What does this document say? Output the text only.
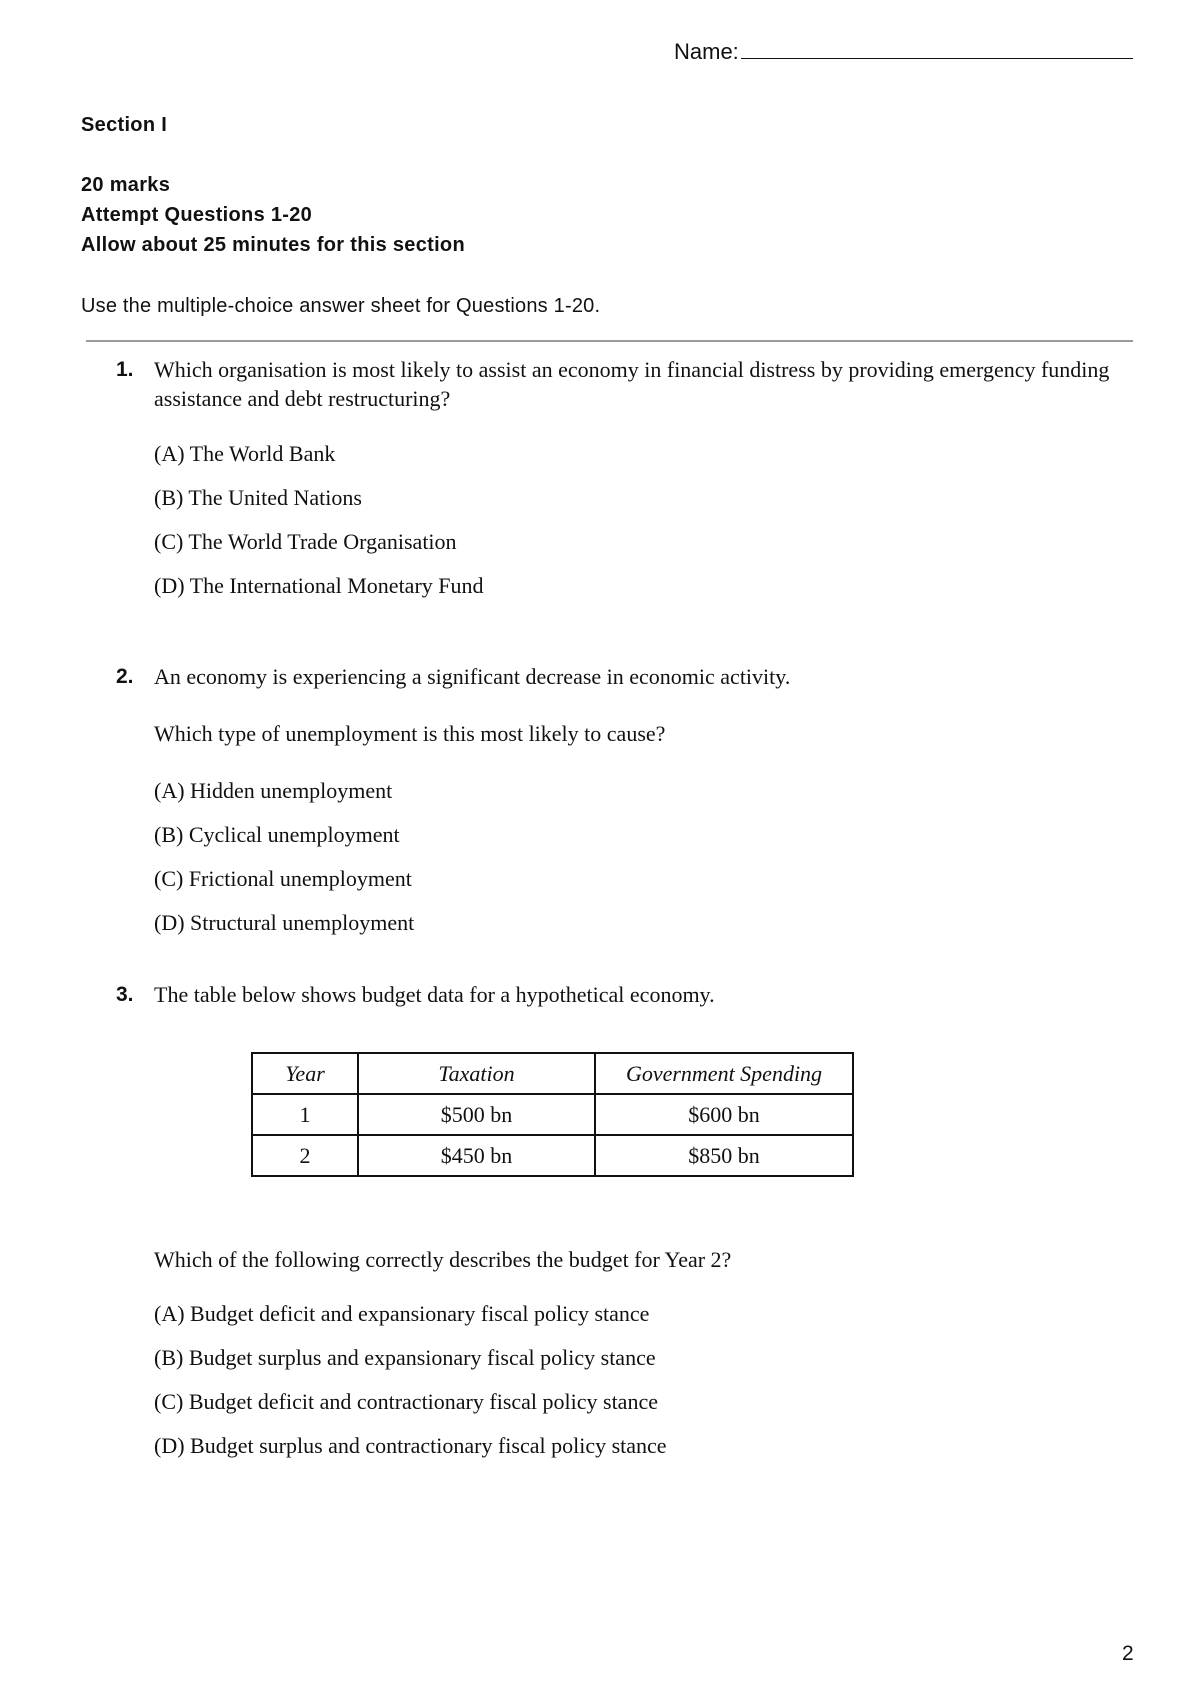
Name:
Section I
20 marks
Attempt Questions 1-20
Allow about 25 minutes for this section
Use the multiple-choice answer sheet for Questions 1-20.
1. Which organisation is most likely to assist an economy in financial distress by providing emergency funding assistance and debt restructuring?
(A) The World Bank
(B) The United Nations
(C) The World Trade Organisation
(D) The International Monetary Fund
2. An economy is experiencing a significant decrease in economic activity.
Which type of unemployment is this most likely to cause?
(A) Hidden unemployment
(B) Cyclical unemployment
(C) Frictional unemployment
(D) Structural unemployment
3. The table below shows budget data for a hypothetical economy.
Year	Taxation	Government Spending
1	$500 bn	$600 bn
2	$450 bn	$850 bn
Which of the following correctly describes the budget for Year 2?
(A) Budget deficit and expansionary fiscal policy stance
(B) Budget surplus and expansionary fiscal policy stance
(C) Budget deficit and contractionary fiscal policy stance
(D) Budget surplus and contractionary fiscal policy stance
2
